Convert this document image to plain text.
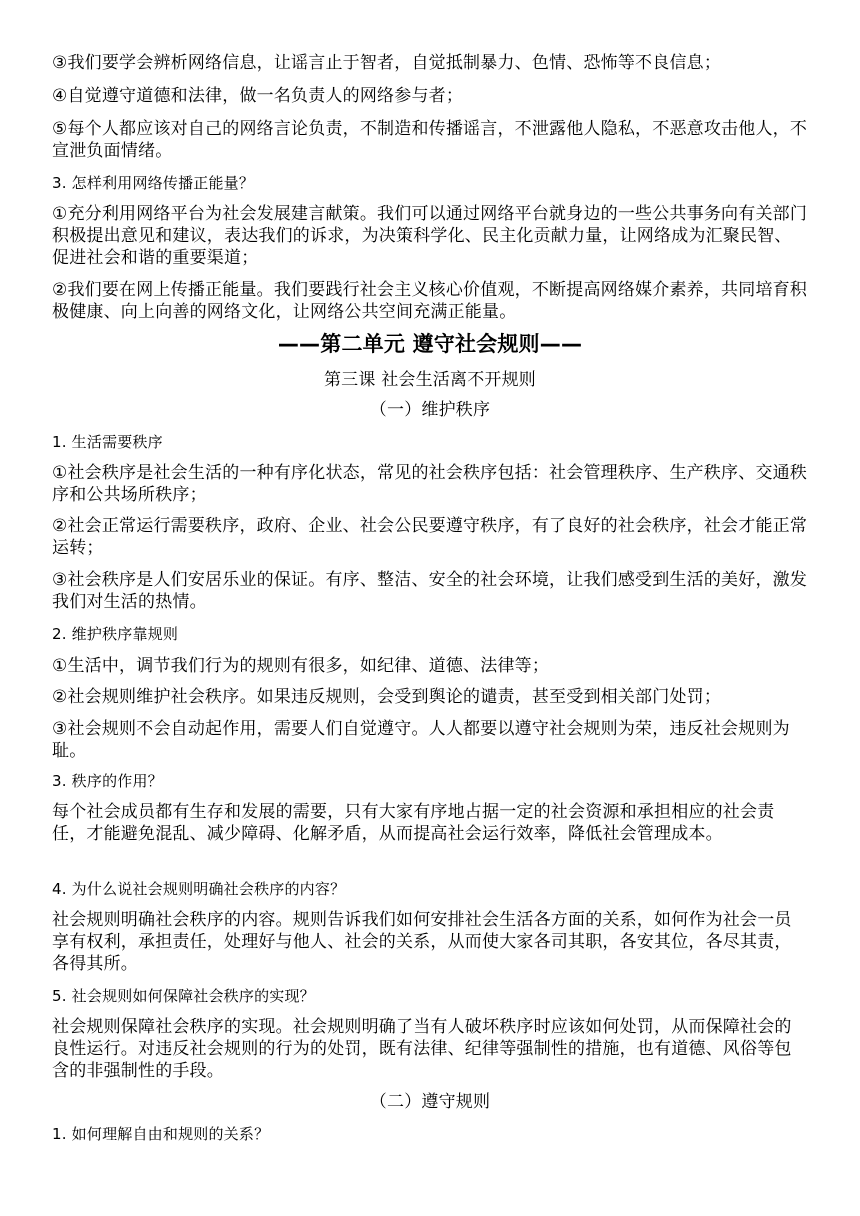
③我们要学会辨析网络信息，让谣言止于智者，自觉抵制暴力、色情、恐怖等不良信息；

④自觉遵守道德和法律，做一名负责人的网络参与者；

⑤每个人都应该对自己的网络言论负责，不制造和传播谣言，不泄露他人隐私，不恶意攻击他人，不宣泄负面情绪。

3. 怎样利用网络传播正能量？

①充分利用网络平台为社会发展建言献策。我们可以通过网络平台就身边的一些公共事务向有关部门积极提出意见和建议，表达我们的诉求，为决策科学化、民主化贡献力量，让网络成为汇聚民智、促进社会和谐的重要渠道；

②我们要在网上传播正能量。我们要践行社会主义核心价值观，不断提高网络媒介素养，共同培育积极健康、向上向善的网络文化，让网络公共空间充满正能量。

——第二单元 遵守社会规则——

第三课 社会生活离不开规则

（一）维护秩序

1. 生活需要秩序

①社会秩序是社会生活的一种有序化状态，常见的社会秩序包括：社会管理秩序、生产秩序、交通秩序和公共场所秩序；

②社会正常运行需要秩序，政府、企业、社会公民要遵守秩序，有了良好的社会秩序，社会才能正常运转；

③社会秩序是人们安居乐业的保证。有序、整洁、安全的社会环境，让我们感受到生活的美好，激发我们对生活的热情。

2. 维护秩序靠规则

①生活中，调节我们行为的规则有很多，如纪律、道德、法律等；

②社会规则维护社会秩序。如果违反规则，会受到舆论的谴责，甚至受到相关部门处罚；

③社会规则不会自动起作用，需要人们自觉遵守。人人都要以遵守社会规则为荣，违反社会规则为耻。

3. 秩序的作用？

每个社会成员都有生存和发展的需要，只有大家有序地占据一定的社会资源和承担相应的社会责任，才能避免混乱、减少障碍、化解矛盾，从而提高社会运行效率，降低社会管理成本。

4. 为什么说社会规则明确社会秩序的内容？

社会规则明确社会秩序的内容。规则告诉我们如何安排社会生活各方面的关系，如何作为社会一员享有权利，承担责任，处理好与他人、社会的关系，从而使大家各司其职，各安其位，各尽其责，各得其所。

5. 社会规则如何保障社会秩序的实现？

社会规则保障社会秩序的实现。社会规则明确了当有人破坏秩序时应该如何处罚，从而保障社会的良性运行。对违反社会规则的行为的处罚，既有法律、纪律等强制性的措施，也有道德、风俗等包含的非强制性的手段。

（二）遵守规则

1. 如何理解自由和规则的关系？
